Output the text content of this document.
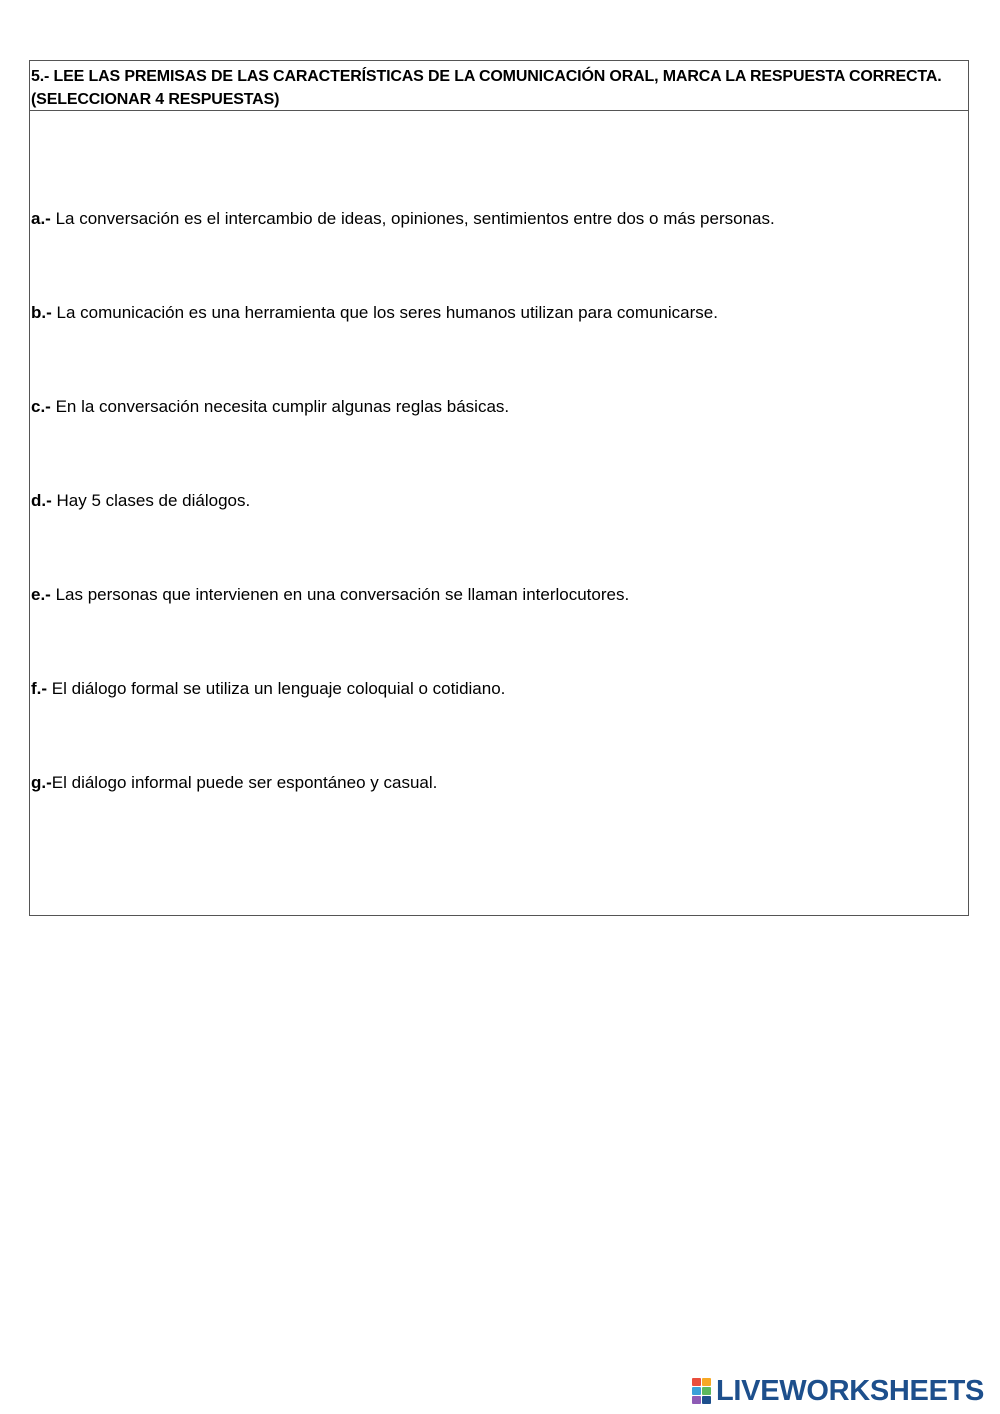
5.- LEE LAS PREMISAS DE LAS CARACTERÍSTICAS DE LA COMUNICACIÓN ORAL, MARCA LA RESPUESTA CORRECTA.
(SELECCIONAR 4 RESPUESTAS)
a.- La conversación es el intercambio de ideas, opiniones, sentimientos entre dos o más personas.
b.- La comunicación es una herramienta que los seres humanos utilizan para comunicarse.
c.- En la conversación necesita cumplir algunas reglas básicas.
d.- Hay 5 clases de diálogos.
e.- Las personas que intervienen en una conversación se llaman interlocutores.
f.- El diálogo formal se utiliza un lenguaje coloquial o cotidiano.
g.-El diálogo informal puede ser espontáneo y casual.
LIVEWORKSHEETS
